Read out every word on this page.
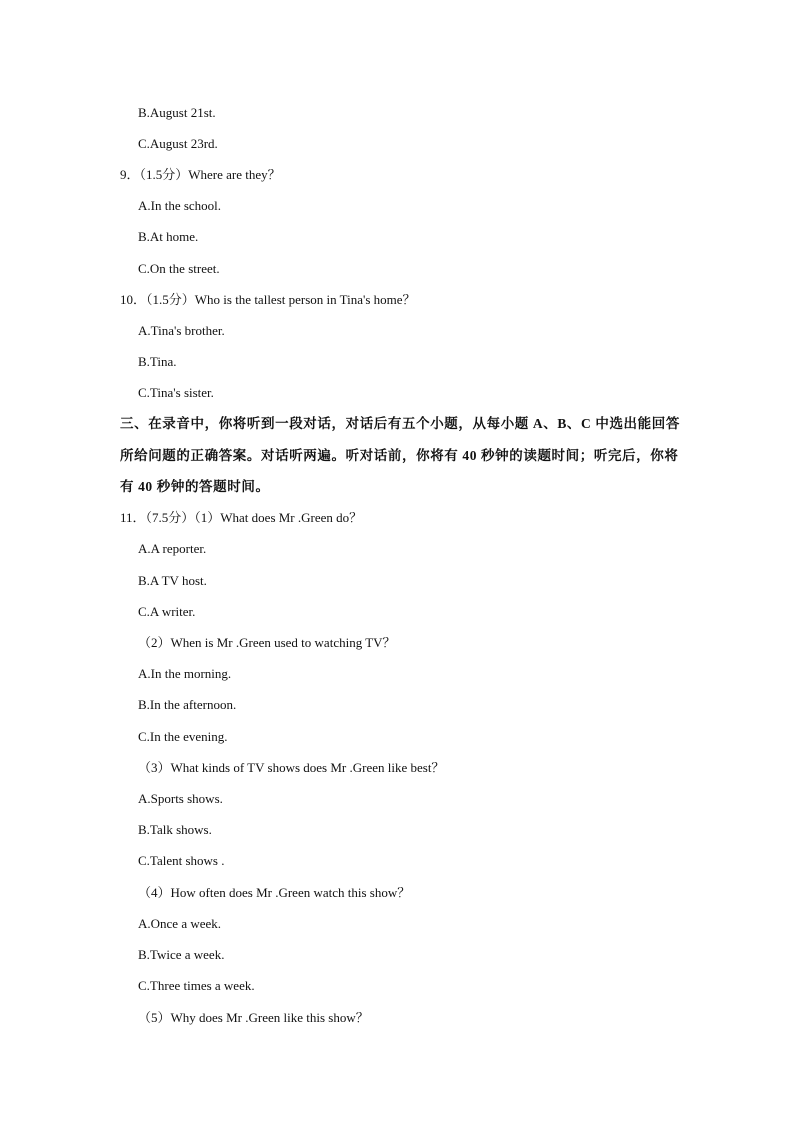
B.August 21st.
C.August 23rd.
9．（1.5分）Where are they？
A.In the school.
B.At home.
C.On the street.
10．（1.5分）Who is the tallest person in Tina's home？
A.Tina's brother.
B.Tina.
C.Tina's sister.
三、在录音中，你将听到一段对话，对话后有五个小题，从每小题 A、B、C 中选出能回答
所给问题的正确答案。对话听两遍。听对话前，你将有 40 秒钟的读题时间；听完后，你将
有 40 秒钟的答题时间。
11．（7.5分）（1）What does Mr .Green do？
A.A reporter.
B.A TV host.
C.A writer.
（2）When is Mr .Green used to watching TV？
A.In the morning.
B.In the afternoon.
C.In the evening.
（3）What kinds of TV shows does Mr .Green like best？
A.Sports shows.
B.Talk shows.
C.Talent shows .
（4）How often does Mr .Green watch this show？
A.Once a week.
B.Twice a week.
C.Three times a week.
（5）Why does Mr .Green like this show？
